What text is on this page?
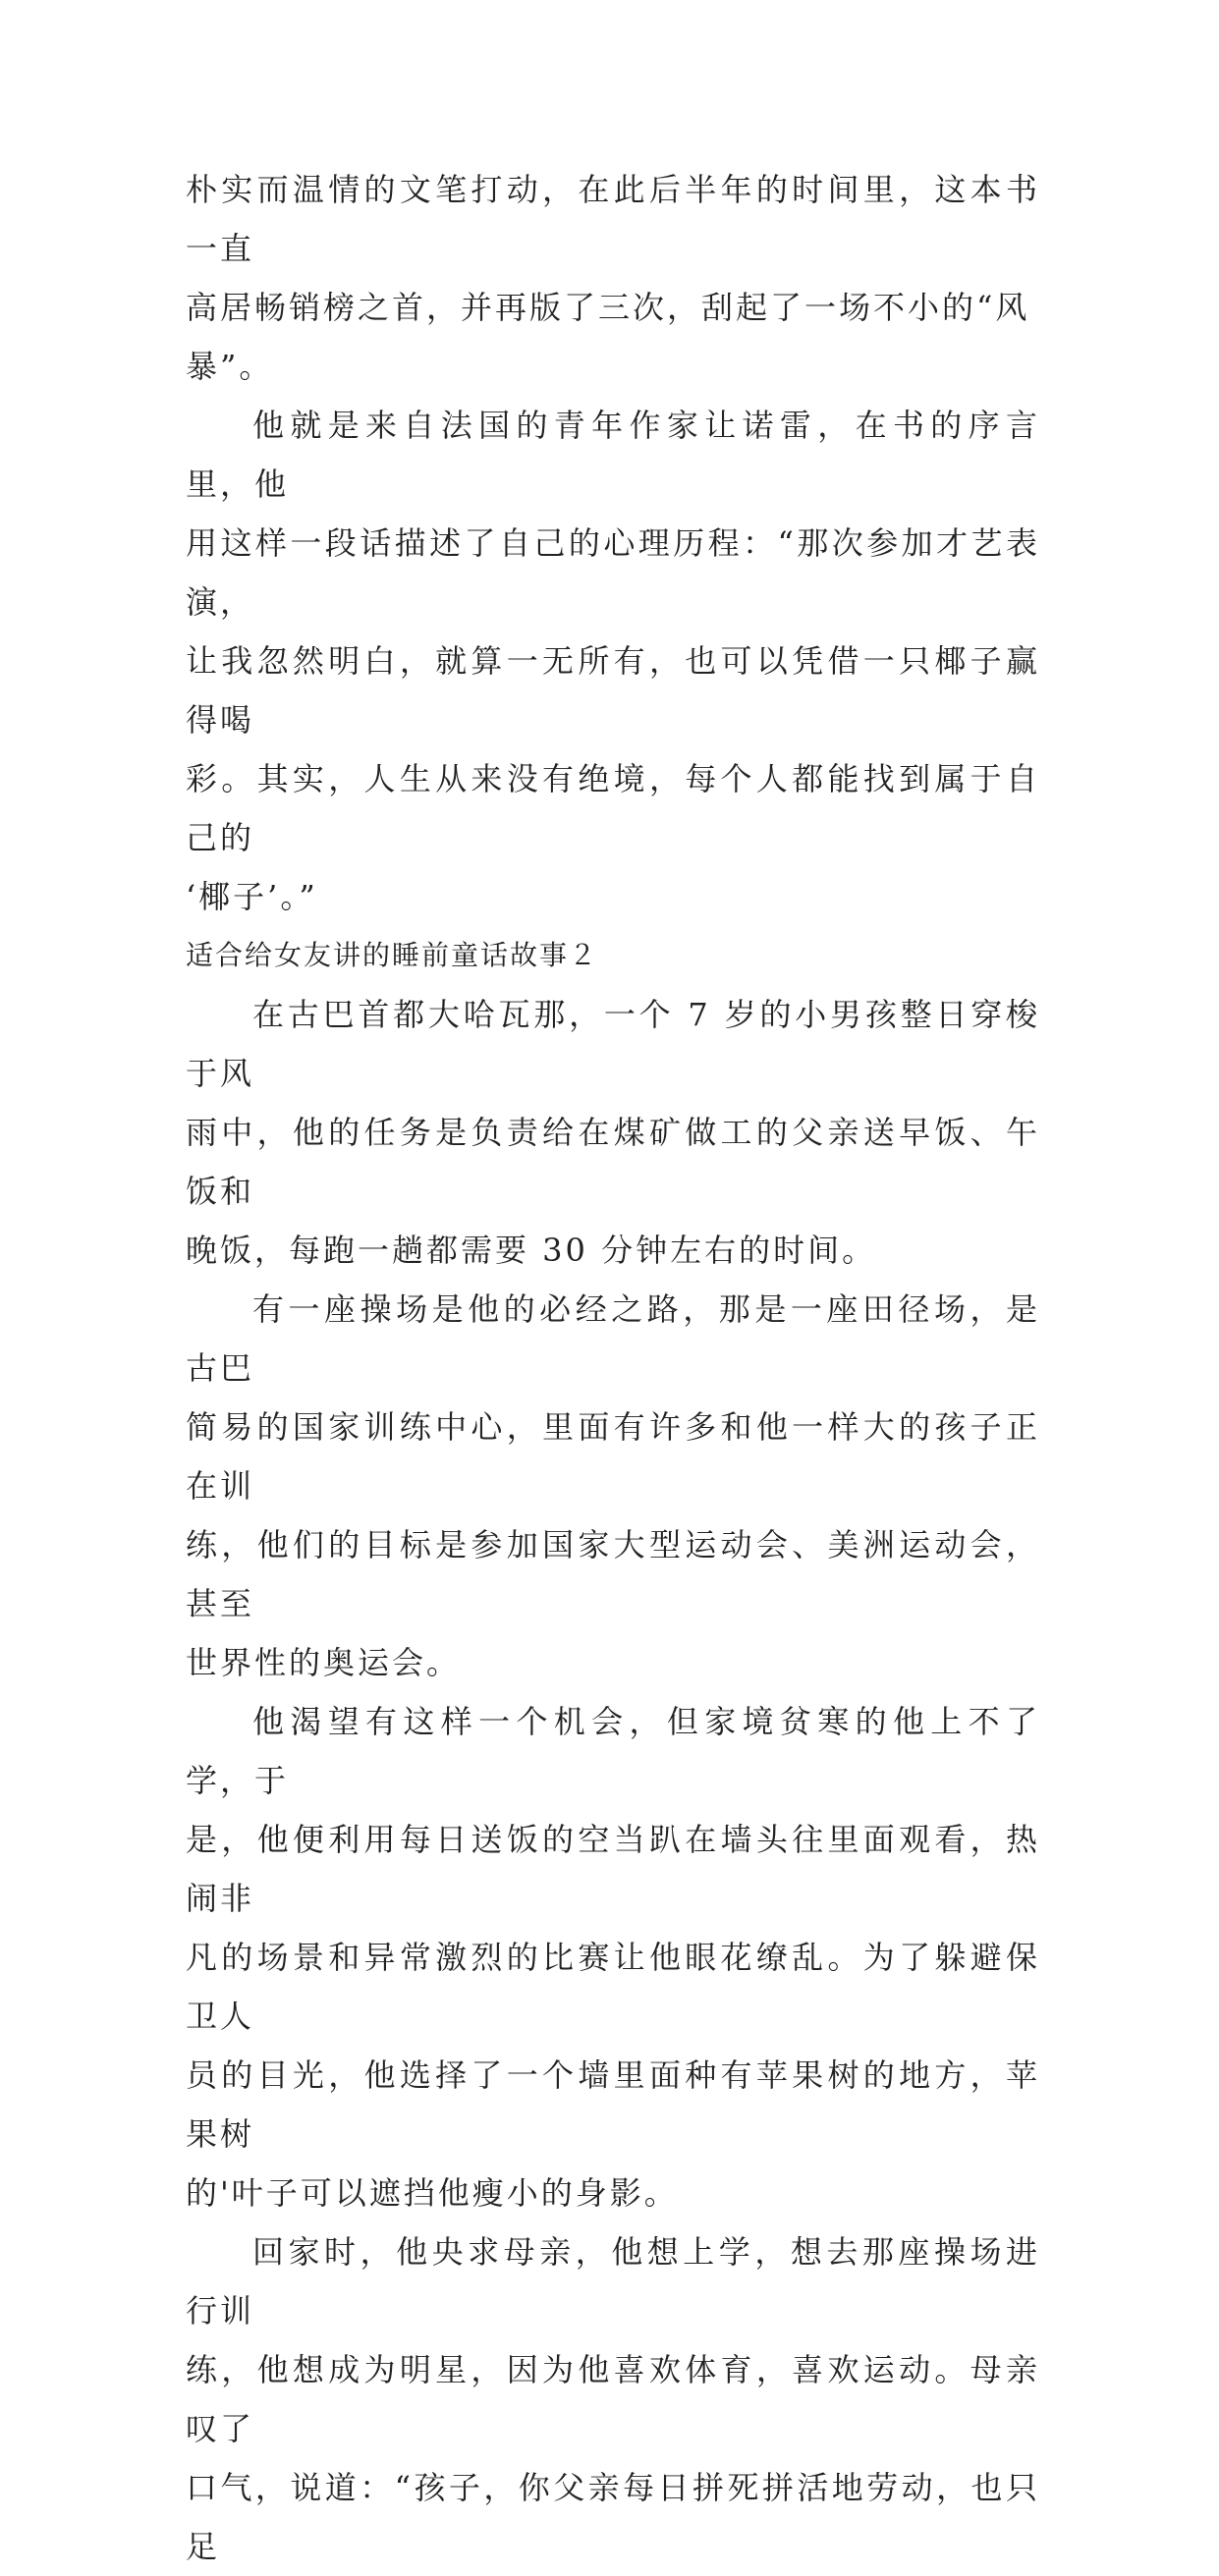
朴实而温情的文笔打动，在此后半年的时间里，这本书一直
高居畅销榜之首，并再版了三次，刮起了一场不小的“风
暴”。

他就是来自法国的青年作家让诺雷，在书的序言里，他
用这样一段话描述了自己的心理历程：“那次参加才艺表演，
让我忽然明白，就算一无所有，也可以凭借一只椰子赢得喝
彩。其实，人生从来没有绝境，每个人都能找到属于自己的
‘椰子’。”

适合给女友讲的睡前童话故事２

在古巴首都大哈瓦那，一个 7 岁的小男孩整日穿梭于风
雨中，他的任务是负责给在煤矿做工的父亲送早饭、午饭和
晚饭，每跑一趟都需要 30 分钟左右的时间。

有一座操场是他的必经之路，那是一座田径场，是古巴
简易的国家训练中心，里面有许多和他一样大的孩子正在训
练，他们的目标是参加国家大型运动会、美洲运动会，甚至
世界性的奥运会。

他渴望有这样一个机会，但家境贫寒的他上不了学，于
是，他便利用每日送饭的空当趴在墙头往里面观看，热闹非
凡的场景和异常激烈的比赛让他眼花缭乱。为了躲避保卫人
员的目光，他选择了一个墙里面种有苹果树的地方，苹果树
的'叶子可以遮挡他瘦小的身影。

回家时，他央求母亲，他想上学，想去那座操场进行训
练，他想成为明星，因为他喜欢体育，喜欢运动。母亲叹了
口气，说道：“孩子，你父亲每日拼死拼活地劳动，也只足
